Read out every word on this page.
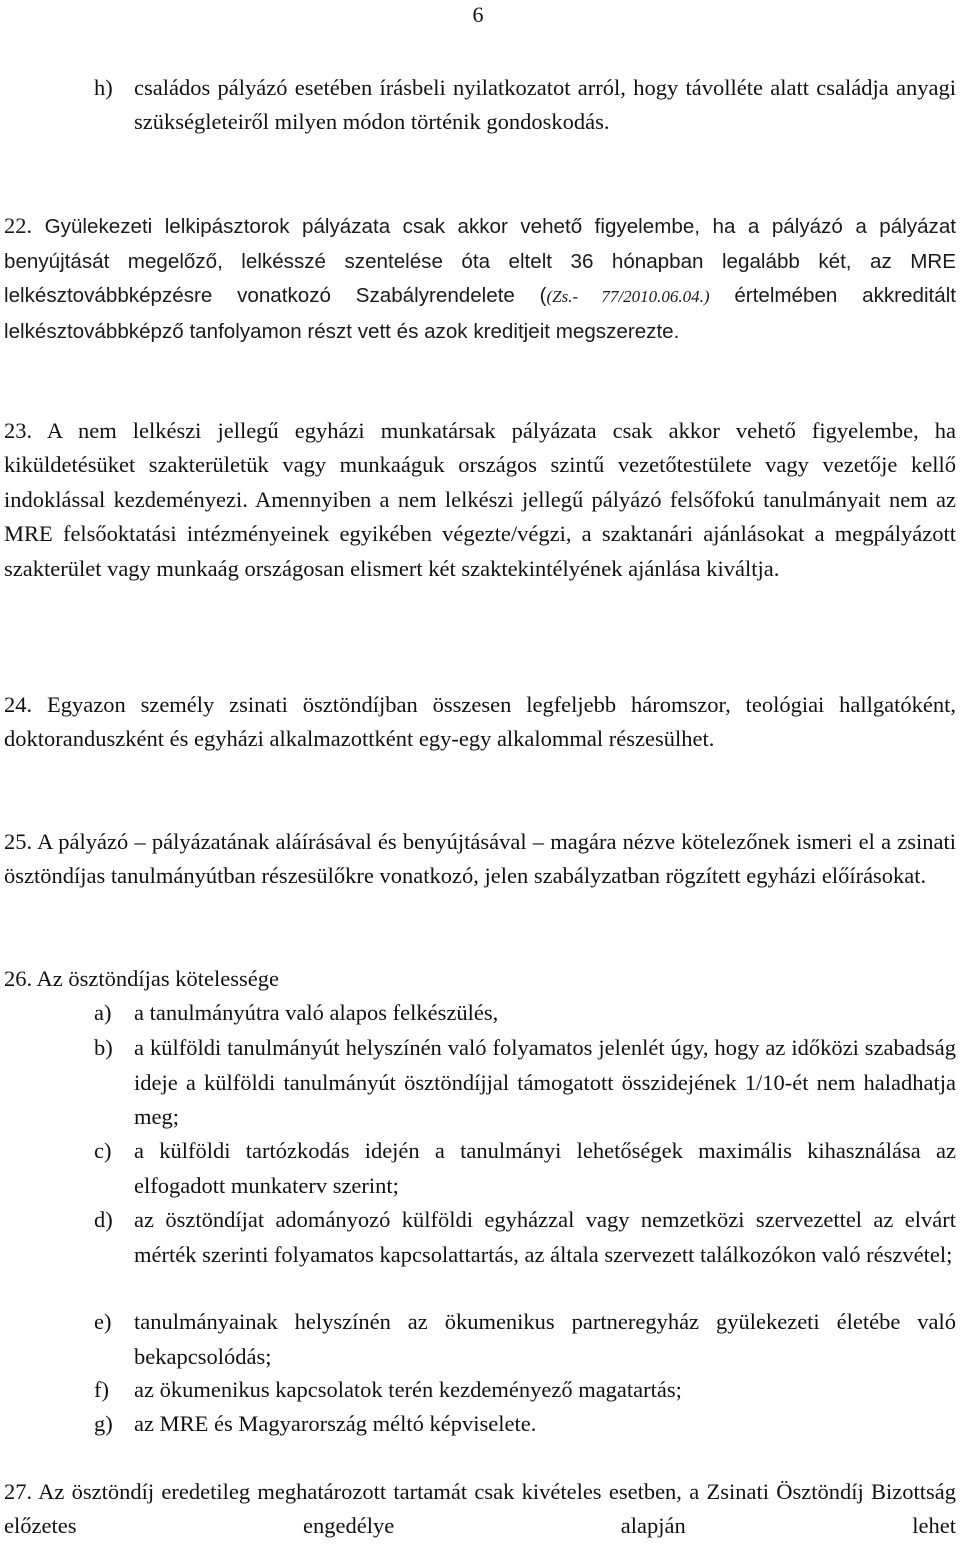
6
h) családos pályázó esetében írásbeli nyilatkozatot arról, hogy távolléte alatt családja anyagi szükségleteiről milyen módon történik gondoskodás.

22. Gyülekezeti lelkipásztorok pályázata csak akkor vehető figyelembe, ha a pályázó a pályázat benyújtását megelőző, lelkésszé szentelése óta eltelt 36 hónapban legalább két, az MRE lelkésztovábbképzésre vonatkozó Szabályrendelete ((Zs.- 77/2010.06.04.) értelmében akkreditált lelkésztovábbképző tanfolyamon részt vett és azok kreditjeit megszerezte.

23. A nem lelkészi jellegű egyházi munkatársak pályázata csak akkor vehető figyelembe, ha kiküldetésüket szakterületük vagy munkaáguk országos szintű vezetőtestülete vagy vezetője kellő indoklással kezdeményezi. Amennyiben a nem lelkészi jellegű pályázó felsőfokú tanulmányait nem az MRE felsőoktatási intézményeinek egyikében végezte/végzi, a szaktanári ajánlásokat a megpályázott szakterület vagy munkaág országosan elismert két szaktekintélyének ajánlása kiváltja.

24. Egyazon személy zsinati ösztöndíjban összesen legfeljebb háromszor, teológiai hallgatóként, doktoranduszként és egyházi alkalmazottként egy-egy alkalommal részesülhet.

25. A pályázó – pályázatának aláírásával és benyújtásával – magára nézve kötelezőnek ismeri el a zsinati ösztöndíjas tanulmányútban részesülőkre vonatkozó, jelen szabályzatban rögzített egyházi előírásokat.

26. Az ösztöndíjas kötelessége

a) a tanulmányútra való alapos felkészülés,
b) a külföldi tanulmányút helyszínén való folyamatos jelenlét úgy, hogy az időközi szabadság ideje a külföldi tanulmányút ösztöndíjjal támogatott összidejének 1/10-ét nem haladhatja meg;
c) a külföldi tartózkodás idején a tanulmányi lehetőségek maximális kihasználása az elfogadott munkaterv szerint;
d) az ösztöndíjat adományozó külföldi egyházzal vagy nemzetközi szervezettel az elvárt mérték szerinti folyamatos kapcsolattartás, az általa szervezett találkozókon való részvétel;
e) tanulmányainak helyszínén az ökumenikus partneregyház gyülekezeti életébe való bekapcsolódás;
f) az ökumenikus kapcsolatok terén kezdeményező magatartás;
g) az MRE és Magyarország méltó képviselete.

27. Az ösztöndíj eredetileg meghatározott tartamát csak kivételes esetben, a Zsinati Ösztöndíj Bizottság előzetes engedélye alapján lehet
